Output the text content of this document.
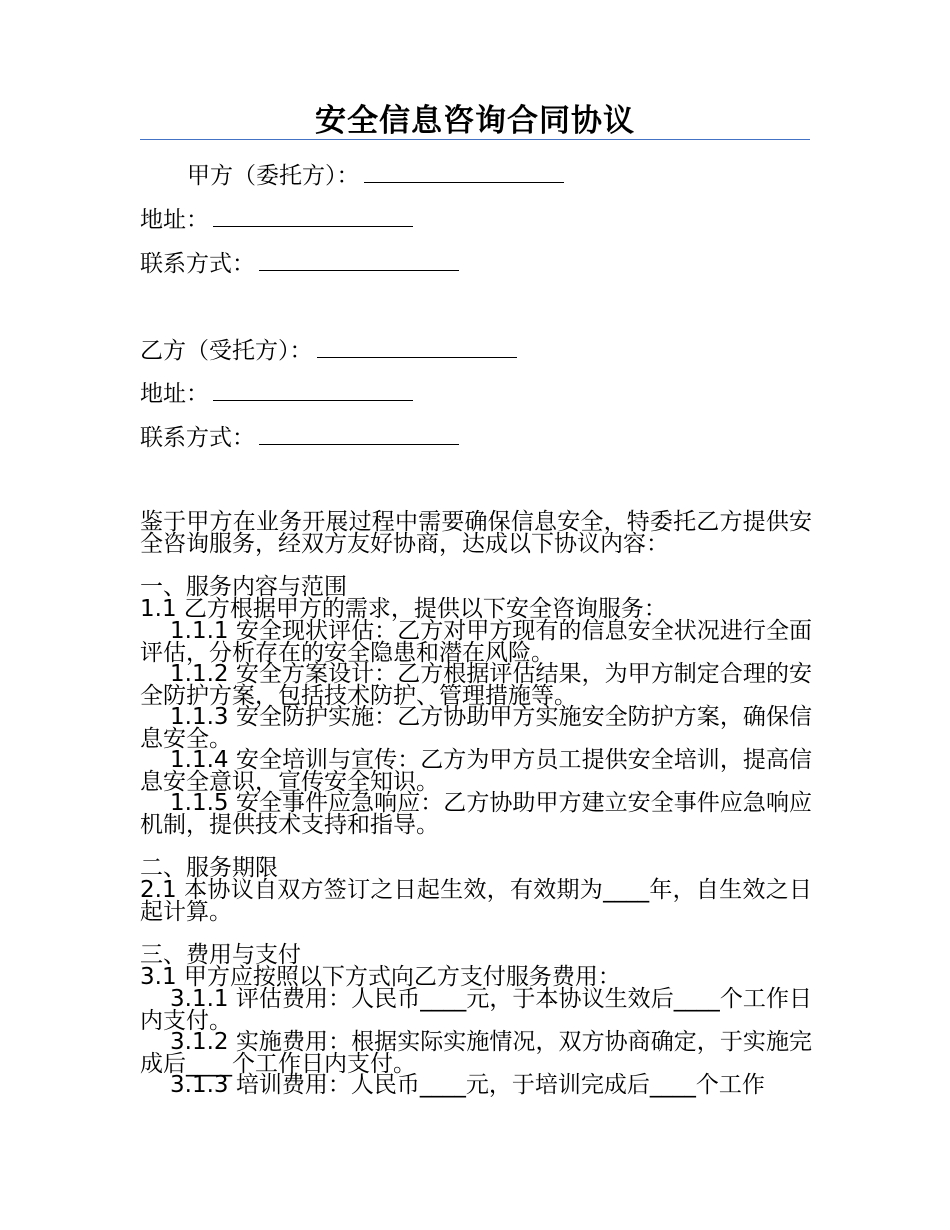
安全信息咨询合同协议
甲方（委托方）：
地址：
联系方式：
乙方（受托方）：
地址：
联系方式：
鉴于甲方在业务开展过程中需要确保信息安全，特委托乙方提供安全咨询服务，经双方友好协商，达成以下协议内容：
一、服务内容与范围
1.1 乙方根据甲方的需求，提供以下安全咨询服务：
1.1.1 安全现状评估：乙方对甲方现有的信息安全状况进行全面评估，分析存在的安全隐患和潜在风险。
1.1.2 安全方案设计：乙方根据评估结果，为甲方制定合理的安全防护方案，包括技术防护、管理措施等。
1.1.3 安全防护实施：乙方协助甲方实施安全防护方案，确保信息安全。
1.1.4 安全培训与宣传：乙方为甲方员工提供安全培训，提高信息安全意识，宣传安全知识。
1.1.5 安全事件应急响应：乙方协助甲方建立安全事件应急响应机制，提供技术支持和指导。
二、服务期限
2.1 本协议自双方签订之日起生效，有效期为____年，自生效之日起计算。
三、费用与支付
3.1 甲方应按照以下方式向乙方支付服务费用：
3.1.1 评估费用：人民币____元，于本协议生效后____个工作日内支付。
3.1.2 实施费用：根据实际实施情况，双方协商确定，于实施完成后____个工作日内支付。
3.1.3 培训费用：人民币____元，于培训完成后____个工作
